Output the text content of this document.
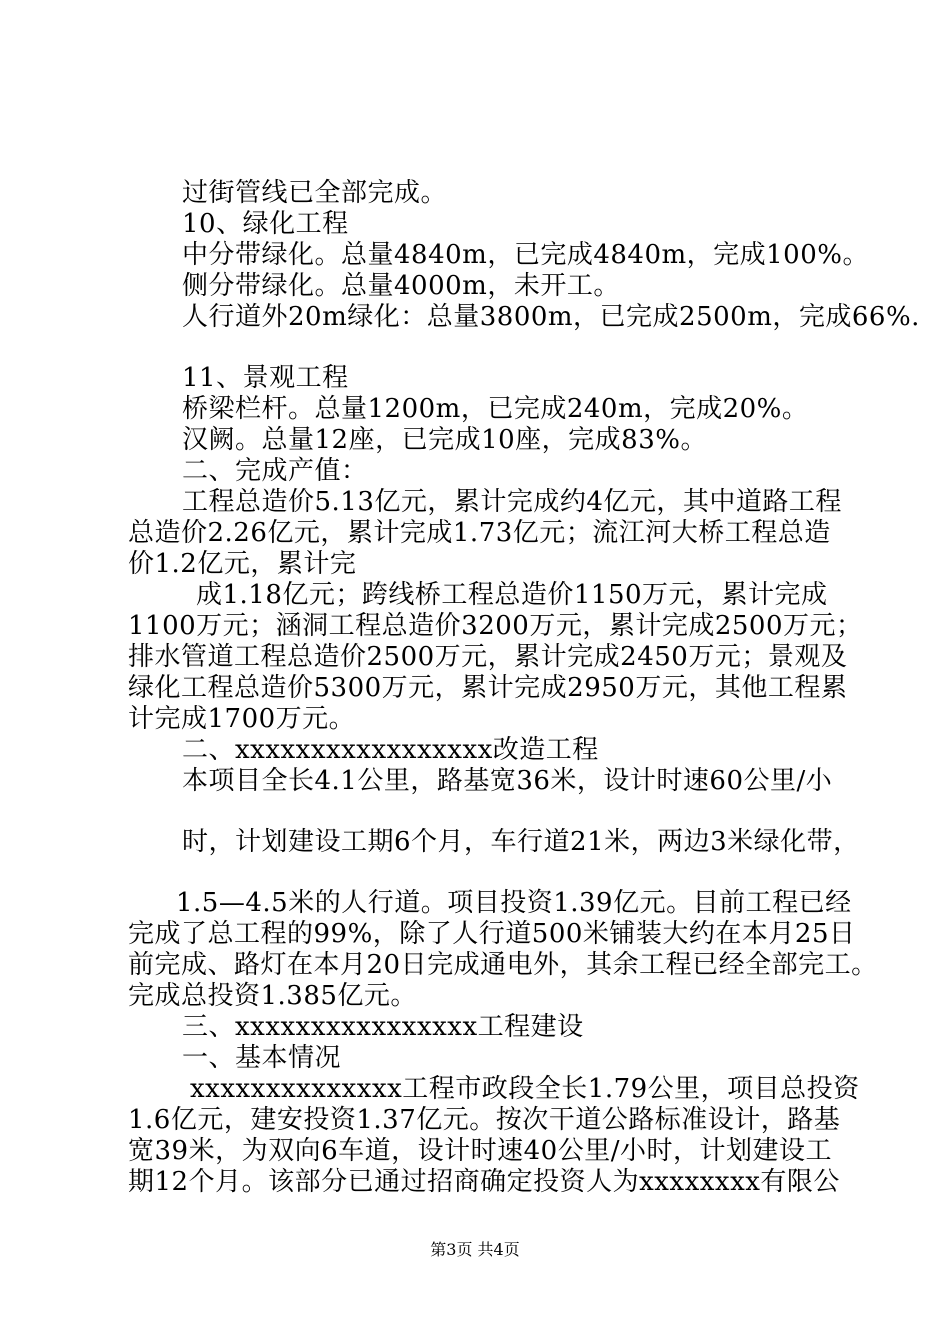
过街管线已全部完成。
10、绿化工程
中分带绿化。总量4840m，已完成4840m，完成100%。
侧分带绿化。总量4000m，未开工。
人行道外20m绿化：总量3800m，已完成2500m，完成66%.
11、景观工程
桥梁栏杆。总量1200m，已完成240m，完成20%。
汉阙。总量12座，已完成10座，完成83%。
二、完成产值：
工程总造价5.13亿元，累计完成约4亿元，其中道路工程
总造价2.26亿元，累计完成1.73亿元；流江河大桥工程总造
价1.2亿元，累计完
成1.18亿元；跨线桥工程总造价1150万元，累计完成
1100万元；涵洞工程总造价3200万元，累计完成2500万元；
排水管道工程总造价2500万元，累计完成2450万元；景观及
绿化工程总造价5300万元，累计完成2950万元，其他工程累
计完成1700万元。
二、xxxxxxxxxxxxxxxxx改造工程
本项目全长4.1公里，路基宽36米，设计时速60公里/小
时，计划建设工期6个月，车行道21米，两边3米绿化带，
1.5—4.5米的人行道。项目投资1.39亿元。目前工程已经
完成了总工程的99%，除了人行道500米铺装大约在本月25日
前完成、路灯在本月20日完成通电外，其余工程已经全部完工。
完成总投资1.385亿元。
三、xxxxxxxxxxxxxxxx工程建设
一、基本情况
xxxxxxxxxxxxxx工程市政段全长1.79公里，项目总投资
1.6亿元，建安投资1.37亿元。按次干道公路标准设计，路基
宽39米，为双向6车道，设计时速40公里/小时，计划建设工
期12个月。该部分已通过招商确定投资人为xxxxxxxx有限公
第3页 共4页
